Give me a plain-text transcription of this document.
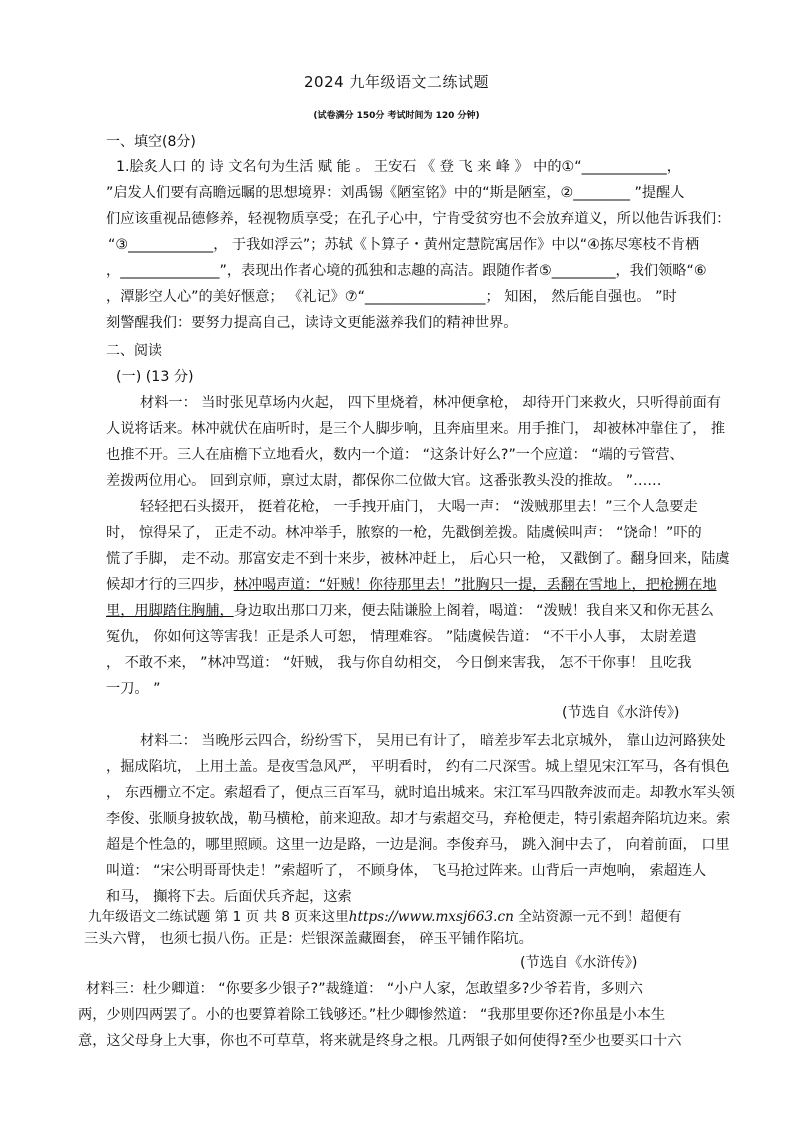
2024 九年级语文二练试题
(试卷满分 150分 考试时间为 120 分钟)
一、填空(8分)
1.脍炙人口 的 诗 文名句为生活 赋 能 。 王安石 《 登 飞 来 峰 》 中的①“____________，
”启发人们要有高瞻远瞩的思想境界：刘禹锡《陋室铭》中的“斯是陋室，②________ ”提醒人
们应该重视品德修养，轻视物质享受；在孔子心中，宁肯受贫穷也不会放弃道义，所以他告诉我们：
“③____________， 于我如浮云”；苏轼《卜算子・黄州定慧院寓居作》中以“④拣尽寒枝不肯栖
，______________”，表现出作者心境的孤独和志趣的高洁。跟随作者⑤_________，我们领略“⑥
，潭影空人心”的美好惬意； 《礼记》⑦“_________________； 知困， 然后能自强也。 ”时
刻警醒我们：要努力提高自己，读诗文更能滋养我们的精神世界。
二、阅读
(一) (13 分)
材料一： 当时张见草场内火起， 四下里烧着，林冲便拿枪， 却待开门来救火，只听得前面有
人说将话来。林冲就伏在庙听时，是三个人脚步响，且奔庙里来。用手推门， 却被林冲靠住了， 推
也推不开。三人在庙檐下立地看火，数内一个道： “这条计好么?”一个应道： “端的亏管营、
差拨两位用心。 回到京师，禀过太尉，都保你二位做大官。这番张教头没的推故。 ”……
轻轻把石头掇开， 挺着花枪， 一手拽开庙门， 大喝一声： “泼贼那里去！”三个人急要走
时， 惊得呆了， 正走不动。林冲举手，脓察的一枪，先戳倒差拨。陆虞候叫声： “饶命！”吓的
慌了手脚， 走不动。那富安走不到十来步，被林冲赶上， 后心只一枪， 又戳倒了。翻身回来，陆虞
候却才行的三四步，林冲喝声道：“奸贼！你待那里去！”批胸只一提，丢翻在雪地上，把枪搠在地
里，用脚踏住胸脯，身边取出那口刀来，便去陆谦脸上阁着，喝道： “泼贼！我自来又和你无甚么
冤仇， 你如何这等害我！正是杀人可恕， 情理难容。 ”陆虞候告道： “不干小人事， 太尉差遣
， 不敢不来， ”林冲骂道： “奸贼， 我与你自幼相交， 今日倒来害我， 怎不干你事！ 且吃我
一刀。 ”
(节选自《水浒传》)
材料二： 当晚彤云四合，纷纷雪下， 吴用已有计了， 暗差步军去北京城外， 靠山边河路狭处
，掘成陷坑， 上用土盖。是夜雪急风严， 平明看时， 约有二尺深雪。城上望见宋江军马，各有惧色
， 东西栅立不定。索超看了，便点三百军马，就时追出城来。宋江军马四散奔波而走。却教水军头领
李俊、张顺身披软战，勒马横枪，前来迎敌。却才与索超交马，弃枪便走，特引索超奔陷坑边来。索
超是个性急的，哪里照顾。这里一边是路，一边是涧。李俊弃马， 跳入涧中去了， 向着前面， 口里
叫道： “宋公明哥哥快走！”索超听了， 不顾身体， 飞马抢过阵来。山背后一声炮响， 索超连人
和马， 攧将下去。后面伏兵齐起，这索
九年级语文二练试题 第 1 页 共 8 页来这里https://www.mxsj663.cn 全站资源一元不到！超便有
三头六臂， 也须七损八伤。正是：烂银深盖藏圈套， 碎玉平铺作陷坑。
(节选自《水浒传》)
材料三：杜少卿道： “你要多少银子?”裁缝道： “小户人家，怎敢望多?少爷若肯，多则六
两，少则四两罢了。小的也要算着除工钱够还。”杜少卿惨然道： “我那里要你还?你虽是小本生
意，这父母身上大事，你也不可草草，将来就是终身之根。几两银子如何使得?至少也要买口十六
